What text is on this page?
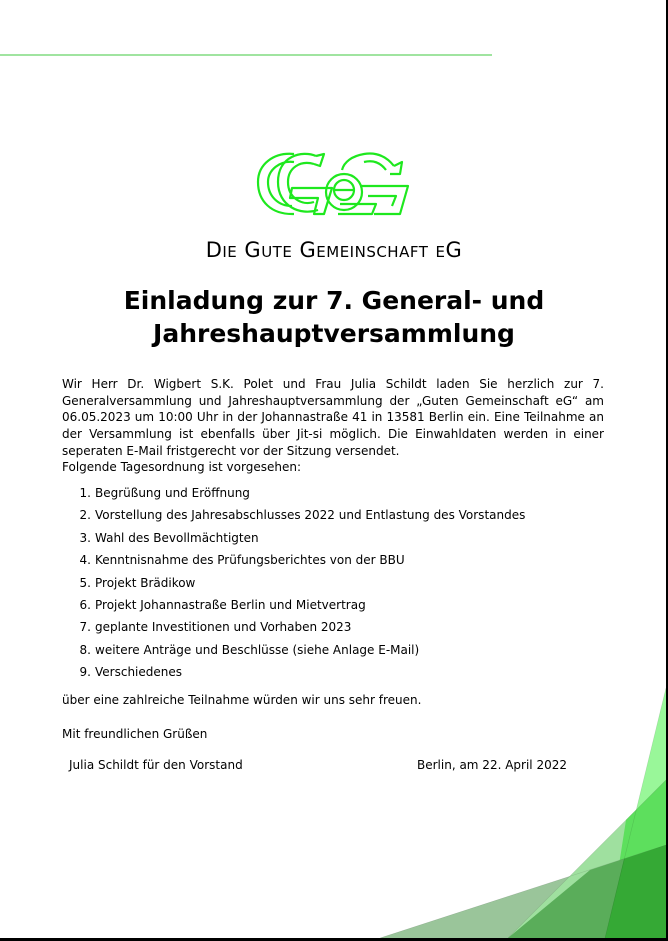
Die Gute Gemeinschaft eG
Einladung zur 7. General- und
Jahreshauptversammlung

Wir Herr Dr. Wigbert S.K. Polet und Frau Julia Schildt laden Sie herzlich zur 7. Generalversammlung und Jahreshauptversammlung der „Guten Gemeinschaft eG“ am 06.05.2023 um 10:00 Uhr in der Johannastraße 41 in 13581 Berlin ein. Eine Teilnahme an der Versammlung ist ebenfalls über Jit-si möglich. Die Einwahldaten werden in einer seperaten E-Mail fristgerecht vor der Sitzung versendet.

Folgende Tagesordnung ist vorgesehen:
1. Begrüßung und Eröffnung
2. Vorstellung des Jahresabschlusses 2022 und Entlastung des Vorstandes
3. Wahl des Bevollmächtigten
4. Kenntnisnahme des Prüfungsberichtes von der BBU
5. Projekt Brädikow
6. Projekt Johannastraße Berlin und Mietvertrag
7. geplante Investitionen und Vorhaben 2023
8. weitere Anträge und Beschlüsse (siehe Anlage E-Mail)
9. Verschiedenes
über eine zahlreiche Teilnahme würden wir uns sehr freuen.
Mit freundlichen Grüßen
Julia Schildt für den Vorstand	Berlin, am 22. April 2022
